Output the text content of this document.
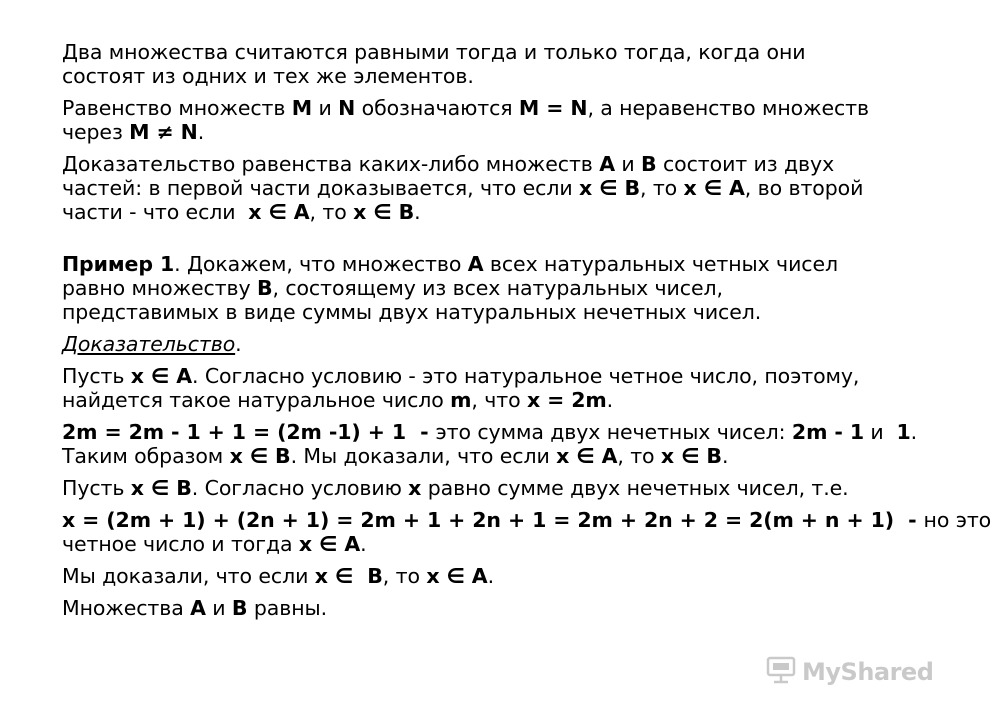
Два множества считаются равными тогда и только тогда, когда они
состоят из одних и тех же элементов.

Равенство множеств M и N обозначаются M = N, а неравенство множеств
через M ≠ N.

Доказательство равенства каких-либо множеств A и B состоит из двух
частей: в первой части доказывается, что если x ∈ B, то x ∈ A, во второй
части - что если  x ∈ A, то x ∈ B.

Пример 1. Докажем, что множество A всех натуральных четных чисел
равно множеству B, состоящему из всех натуральных чисел,
представимых в виде суммы двух натуральных нечетных чисел.

Доказательство.

Пусть x ∈ A. Согласно условию - это натуральное четное число, поэтому,
найдется такое натуральное число m, что x = 2m.

2m = 2m - 1 + 1 = (2m -1) + 1  - это сумма двух нечетных чисел: 2m - 1 и  1.
Таким образом x ∈ B. Мы доказали, что если x ∈ A, то x ∈ B.

Пусть x ∈ B. Согласно условию x равно сумме двух нечетных чисел, т.е.

x = (2m + 1) + (2n + 1) = 2m + 1 + 2n + 1 = 2m + 2n + 2 = 2(m + n + 1)  - но это
четное число и тогда x ∈ A.

Мы доказали, что если x ∈  B, то x ∈ A.

Множества A и B равны.

MyShared
